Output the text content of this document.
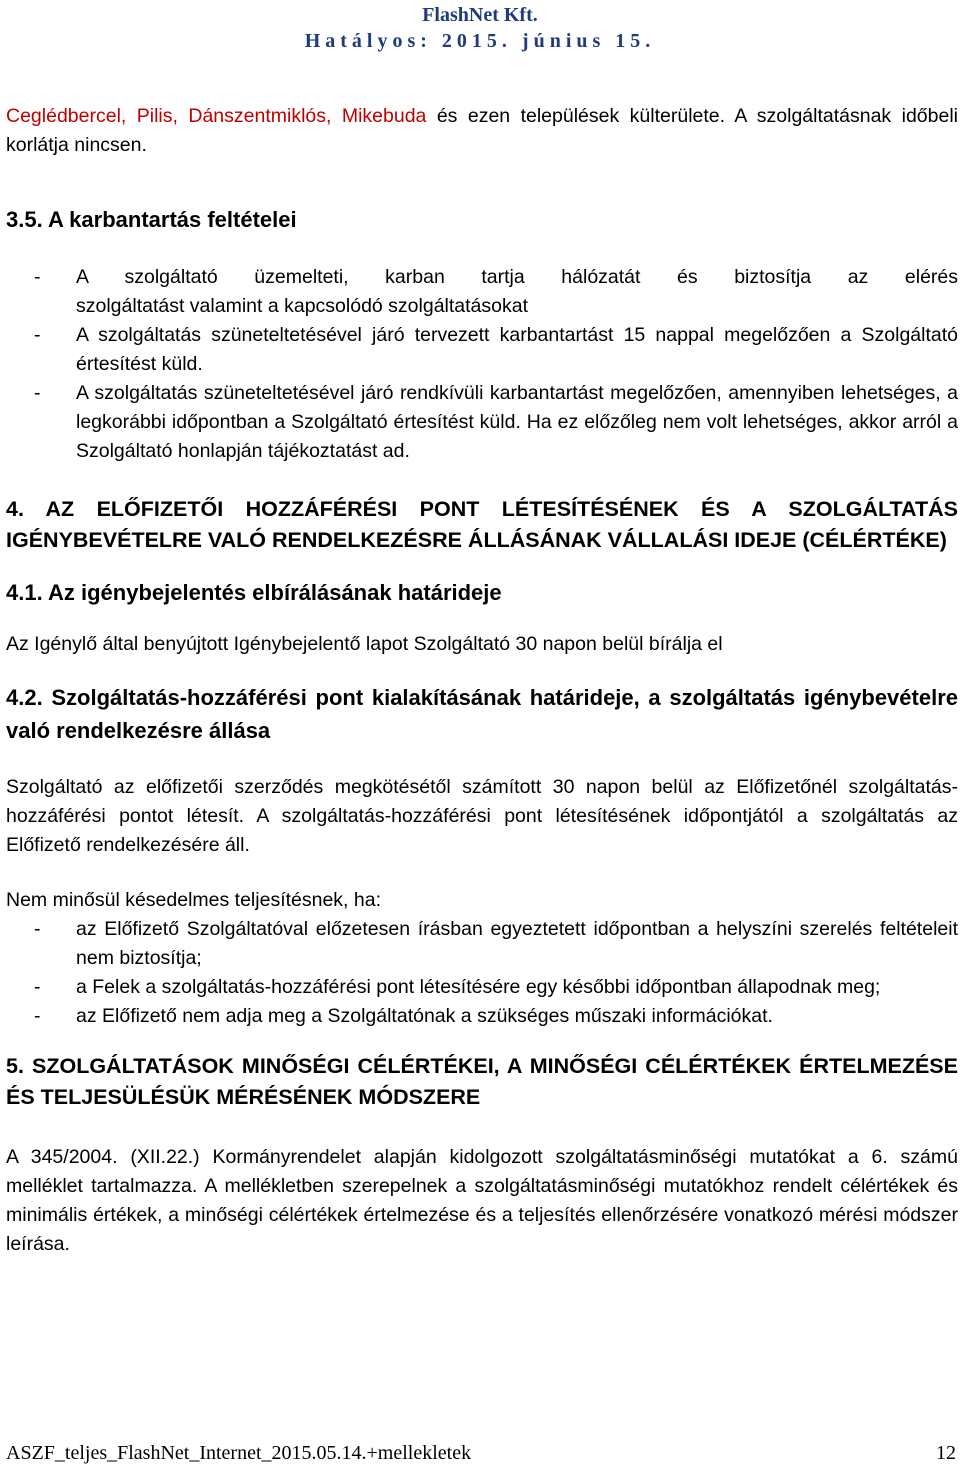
FlashNet Kft.
Hatályos: 2015. június 15.

Ceglédbercel, Pilis, Dánszentmiklós, Mikebuda és ezen települések külterülete. A szolgáltatásnak időbeli korlátja nincsen.

3.5. A karbantartás feltételei

- A szolgáltató üzemelteti, karban tartja hálózatát és biztosítja az elérés

szolgáltatást valamint a kapcsolódó szolgáltatásokat

- A szolgáltatás szüneteltetésével járó tervezett karbantartást 15 nappal megelőzően a Szolgáltató értesítést küld.
- A szolgáltatás szüneteltetésével járó rendkívüli karbantartást megelőzően, amennyiben lehetséges, a legkorábbi időpontban a Szolgáltató értesítést küld. Ha ez előzőleg nem volt lehetséges, akkor arról a Szolgáltató honlapján tájékoztatást ad.

4. AZ ELŐFIZETŐI HOZZÁFÉRÉSI PONT LÉTESÍTÉSÉNEK ÉS A SZOLGÁLTATÁS IGÉNYBEVÉTELRE VALÓ RENDELKEZÉSRE ÁLLÁSÁNAK VÁLLALÁSI IDEJE (CÉLÉRTÉKE)

4.1. Az igénybejelentés elbírálásának határideje

Az Igénylő által benyújtott Igénybejelentő lapot Szolgáltató 30 napon belül bírálja el

4.2. Szolgáltatás-hozzáférési pont kialakításának határideje, a szolgáltatás igénybevételre való rendelkezésre állása

Szolgáltató az előfizetői szerződés megkötésétől számított 30 napon belül az Előfizetőnél szolgáltatás-hozzáférési pontot létesít. A szolgáltatás-hozzáférési pont létesítésének időpontjától a szolgáltatás az Előfizető rendelkezésére áll.

Nem minősül késedelmes teljesítésnek, ha:

- az Előfizető Szolgáltatóval előzetesen írásban egyeztetett időpontban a helyszíni szerelés feltételeit nem biztosítja;
- a Felek a szolgáltatás-hozzáférési pont létesítésére egy későbbi időpontban állapodnak meg;
- az Előfizető nem adja meg a Szolgáltatónak a szükséges műszaki információkat.

5. SZOLGÁLTATÁSOK MINŐSÉGI CÉLÉRTÉKEI, A MINŐSÉGI CÉLÉRTÉKEK ÉRTELMEZÉSE ÉS TELJESÜLÉSÜK MÉRÉSÉNEK MÓDSZERE

A 345/2004. (XII.22.) Kormányrendelet alapján kidolgozott szolgáltatásminőségi mutatókat a 6. számú melléklet tartalmazza. A mellékletben szerepelnek a szolgáltatásminőségi mutatókhoz rendelt célértékek és minimális értékek, a minőségi célértékek értelmezése és a teljesítés ellenőrzésére vonatkozó mérési módszer leírása.

ASZF_teljes_FlashNet_Internet_2015.05.14.+mellekletek	12
